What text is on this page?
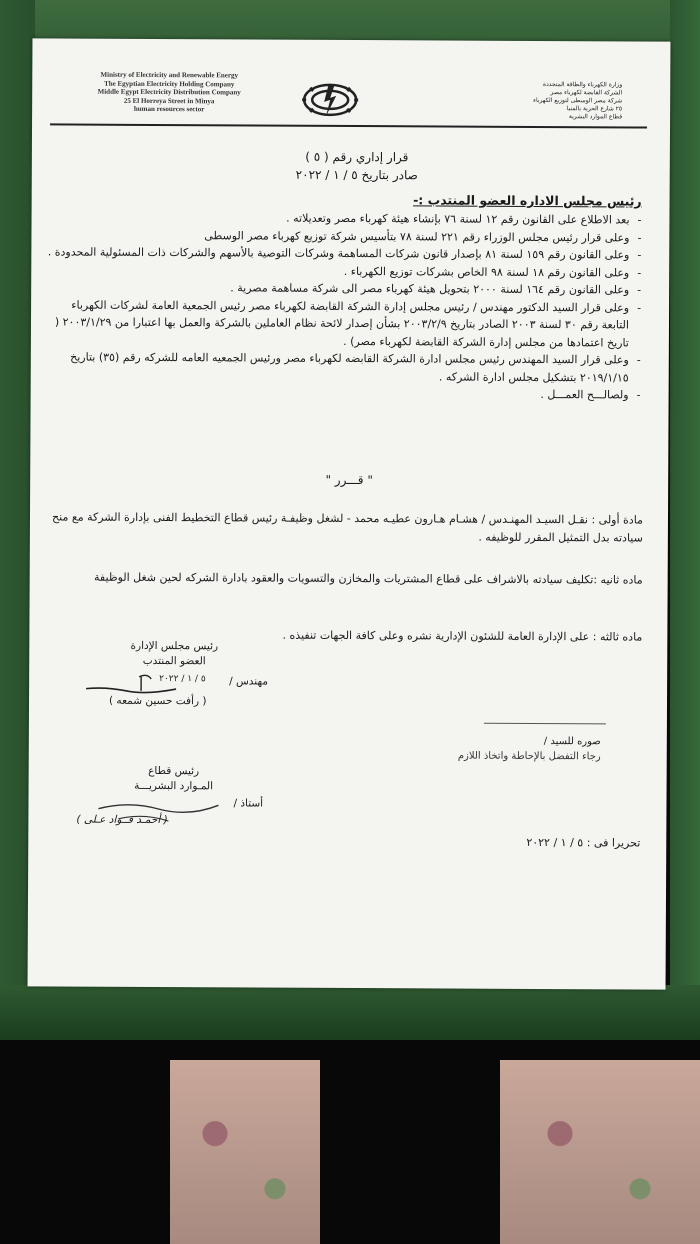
Ministry of Electricity and Renewable Energy
The Egyptian Electricity Holding Company
Middle Egypt Electricity Distribution Company
25 El Horreya Street in Minya
human resources sector
وزارة الكهرباء والطاقة المتجددة
الشركة القابضة لكهرباء مصر
شركة مصر الوسطى لتوزيع الكهرباء
٢٥ شارع الحرية بالمنيا
قطاع الموارد البشرية
قرار إداري رقم ( ٥ )
صادر بتاريخ ٥ / ١ / ٢٠٢٢
رئيس مجلس الاداره العضو المنتدب :-
- بعد الاطلاع على القانون رقم ١٢ لسنة ٧٦ بإنشاء هيئة كهرباء مصر وتعديلاته .
- وعلى قرار رئيس مجلس الوزراء رقم ٢٢١ لسنة ٧٨ بتأسيس شركة توزيع كهرباء مصر الوسطى
- وعلى القانون رقم ١٥٩ لسنة ٨١ بإصدار قانون شركات المساهمة وشركات التوصية بالأسهم والشركات ذات المسئولية المحدودة .
- وعلى القانون رقم ١٨ لسنة ٩٨ الخاص بشركات توزيع الكهرباء .
- وعلى القانون رقم ١٦٤ لسنة ٢٠٠٠ بتحويل هيئة كهرباء مصر الى شركة مساهمة مصرية .
- وعلى قرار السيد الدكتور مهندس / رئيس مجلس إدارة الشركة القابضة لكهرباء مصر رئيس الجمعية العامة لشركات الكهرباء التابعة رقم ٣٠ لسنة ٢٠٠٣ الصادر بتاريخ ٢٠٠٣/٢/٩ بشأن إصدار لائحة نظام العاملين بالشركة والعمل بها اعتبارا من ٢٠٠٣/١/٢٩ ( تاريخ اعتمادها من مجلس إدارة الشركة القابضة لكهرباء مصر) .
- وعلى قرار السيد المهندس رئيس مجلس ادارة الشركة القابضه لكهرباء مصر ورئيس الجمعيه العامه للشركه رقم (٣٥) بتاريخ ٢٠١٩/١/١٥ بتشكيل مجلس ادارة الشركه .
- ولصالـــح العمـــل .
" قـــرر "
مادة أولى : نقـل السيـد المهنـدس / هشـام هـارون عطيـه محمد - لشغل وظيفـة رئيس قطاع التخطيط الفنى بإدارة الشركة مع منح سيادته بدل التمثيل المقرر للوظيفه .
ماده ثانيه :تكليف سيادته بالاشراف على قطاع المشتريات والمخازن والتسويات والعقود بادارة الشركه لحين شغل الوظيفة
ماده ثالثه : على الإدارة العامة للشئون الإدارية نشره وعلى كافة الجهات تنفيذه .
رئيس مجلس الإدارة
العضو المنتدب
٥ / ١ / ٢٠٢٢ مهندس /
( رأفت حسين شمعه )
صوره للسيد /
رجاء التفضل بالإحاطة واتخاذ اللازم
رئيس قطاع
المـوارد البشريـــة
أستاذ /
( أحمـد فــواد عـلى )
تحريرا فى : ٥ / ١ / ٢٠٢٢
